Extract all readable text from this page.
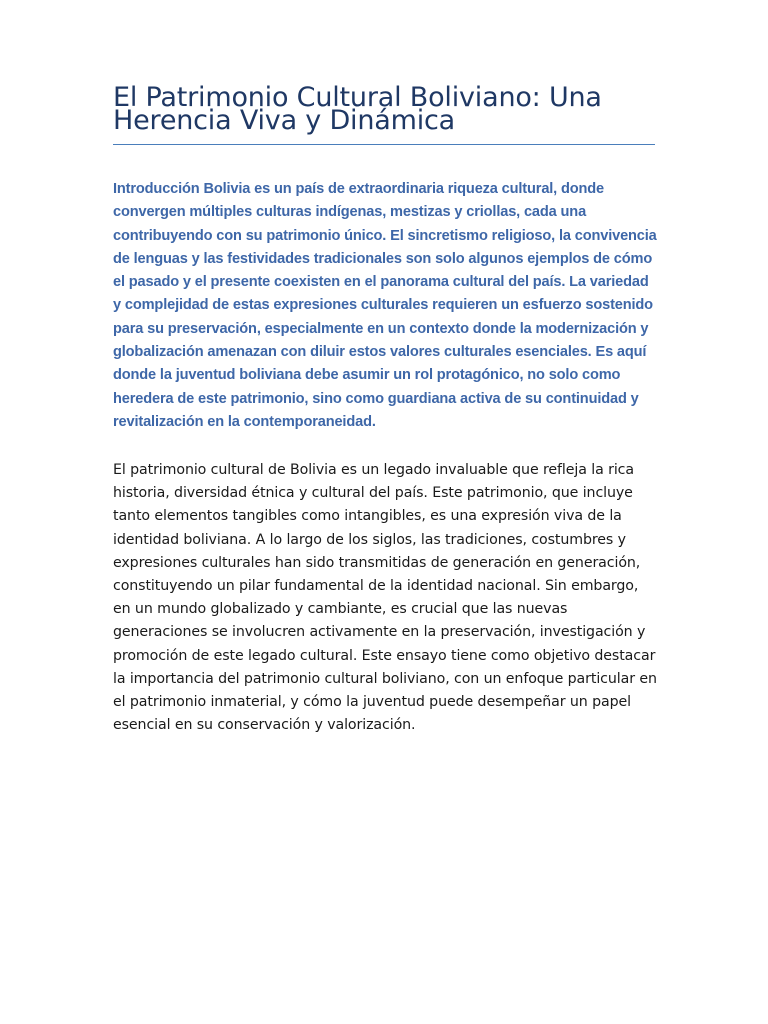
El Patrimonio Cultural Boliviano: Una Herencia Viva y Dinámica

Introducción Bolivia es un país de extraordinaria riqueza cultural, donde convergen múltiples culturas indígenas, mestizas y criollas, cada una contribuyendo con su patrimonio único. El sincretismo religioso, la convivencia de lenguas y las festividades tradicionales son solo algunos ejemplos de cómo el pasado y el presente coexisten en el panorama cultural del país. La variedad y complejidad de estas expresiones culturales requieren un esfuerzo sostenido para su preservación, especialmente en un contexto donde la modernización y globalización amenazan con diluir estos valores culturales esenciales. Es aquí donde la juventud boliviana debe asumir un rol protagónico, no solo como heredera de este patrimonio, sino como guardiana activa de su continuidad y revitalización en la contemporaneidad.

El patrimonio cultural de Bolivia es un legado invaluable que refleja la rica historia, diversidad étnica y cultural del país. Este patrimonio, que incluye tanto elementos tangibles como intangibles, es una expresión viva de la identidad boliviana. A lo largo de los siglos, las tradiciones, costumbres y expresiones culturales han sido transmitidas de generación en generación, constituyendo un pilar fundamental de la identidad nacional. Sin embargo, en un mundo globalizado y cambiante, es crucial que las nuevas generaciones se involucren activamente en la preservación, investigación y promoción de este legado cultural. Este ensayo tiene como objetivo destacar la importancia del patrimonio cultural boliviano, con un enfoque particular en el patrimonio inmaterial, y cómo la juventud puede desempeñar un papel esencial en su conservación y valorización.
